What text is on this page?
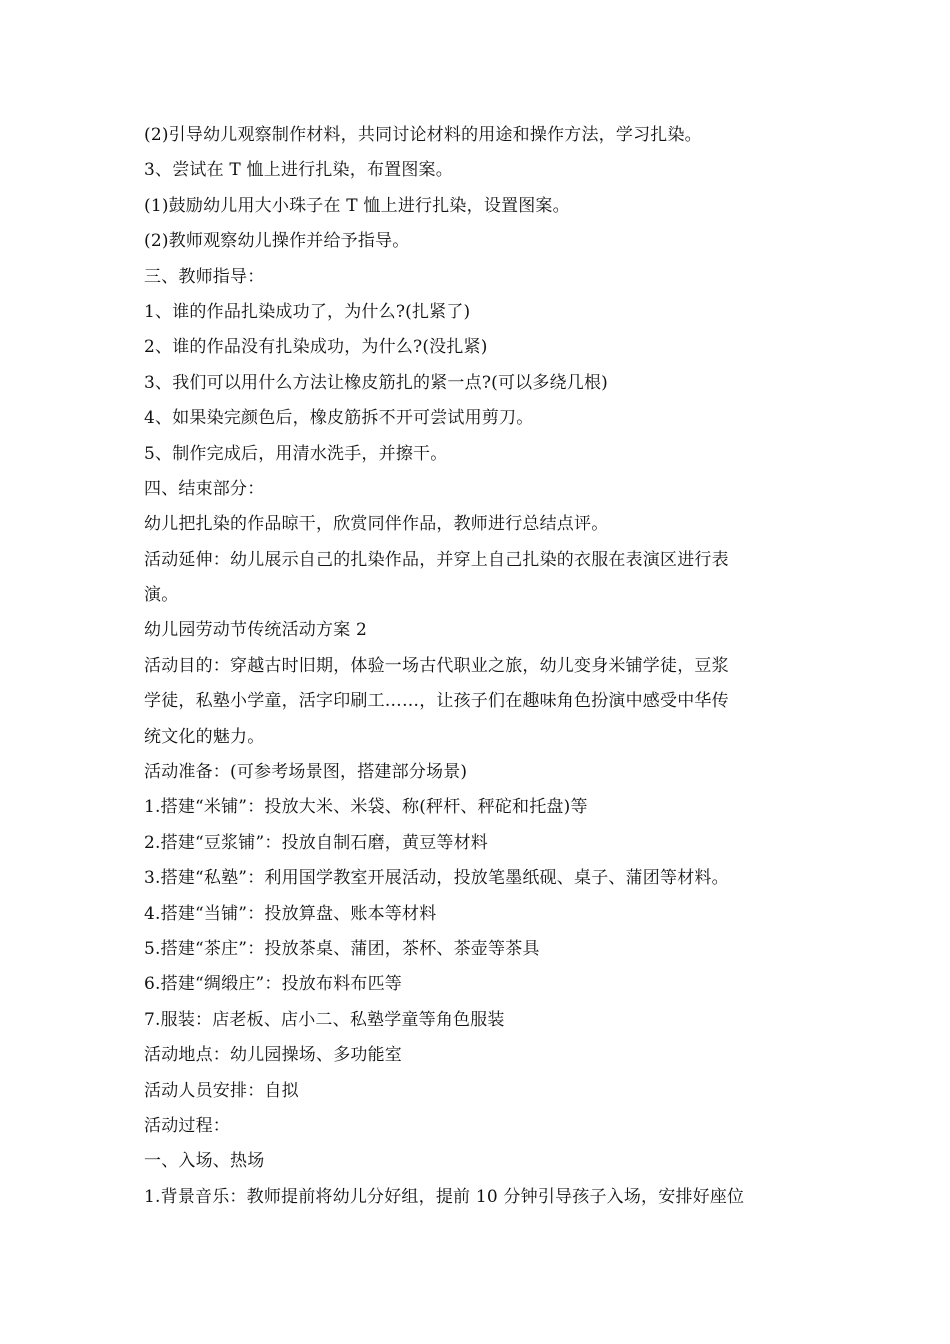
(2)引导幼儿观察制作材料，共同讨论材料的用途和操作方法，学习扎染。
3、尝试在 T 恤上进行扎染，布置图案。
(1)鼓励幼儿用大小珠子在 T 恤上进行扎染，设置图案。
(2)教师观察幼儿操作并给予指导。
三、教师指导：
1、谁的作品扎染成功了，为什么?(扎紧了)
2、谁的作品没有扎染成功，为什么?(没扎紧)
3、我们可以用什么方法让橡皮筋扎的紧一点?(可以多绕几根)
4、如果染完颜色后，橡皮筋拆不开可尝试用剪刀。
5、制作完成后，用清水洗手，并擦干。
四、结束部分：
幼儿把扎染的作品晾干，欣赏同伴作品，教师进行总结点评。
活动延伸：幼儿展示自己的扎染作品，并穿上自己扎染的衣服在表演区进行表
演。
幼儿园劳动节传统活动方案 2
活动目的：穿越古时旧期，体验一场古代职业之旅，幼儿变身米铺学徒，豆浆
学徒，私塾小学童，活字印刷工……，让孩子们在趣味角色扮演中感受中华传
统文化的魅力。
活动准备：(可参考场景图，搭建部分场景)
1.搭建“米铺”：投放大米、米袋、称(秤杆、秤砣和托盘)等
2.搭建“豆浆铺”：投放自制石磨，黄豆等材料
3.搭建“私塾”：利用国学教室开展活动，投放笔墨纸砚、桌子、蒲团等材料。
4.搭建“当铺”：投放算盘、账本等材料
5.搭建“茶庄”：投放茶桌、蒲团，茶杯、茶壶等茶具
6.搭建“绸缎庄”：投放布料布匹等
7.服装：店老板、店小二、私塾学童等角色服装
活动地点：幼儿园操场、多功能室
活动人员安排：自拟
活动过程：
一、入场、热场
1.背景音乐：教师提前将幼儿分好组，提前 10 分钟引导孩子入场，安排好座位
